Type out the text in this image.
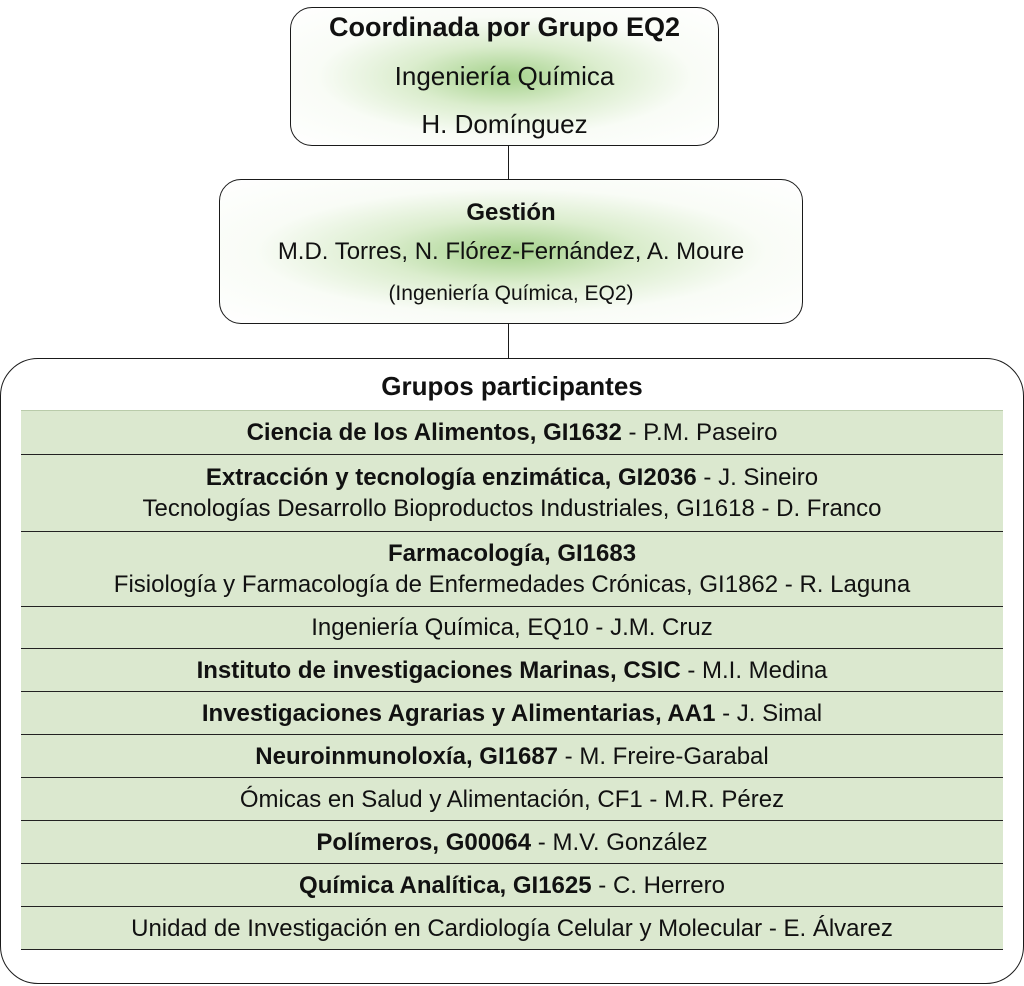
Coordinada por Grupo EQ2
Ingeniería Química
H. Domínguez
Gestión
M.D. Torres, N. Flórez-Fernández, A. Moure
(Ingeniería Química, EQ2)
Grupos participantes
Ciencia de los Alimentos, GI1632 - P.M. Paseiro
Extracción y tecnología enzimática, GI2036 - J. Sineiro
Tecnologías Desarrollo Bioproductos Industriales, GI1618 - D. Franco
Farmacología, GI1683
Fisiología y Farmacología de Enfermedades Crónicas, GI1862 - R. Laguna
Ingeniería Química, EQ10 - J.M. Cruz
Instituto de investigaciones Marinas, CSIC - M.I. Medina
Investigaciones Agrarias y Alimentarias, AA1 - J. Simal
Neuroinmunoloxía, GI1687 - M. Freire-Garabal
Ómicas en Salud y Alimentación, CF1 - M.R. Pérez
Polímeros, G00064 - M.V. González
Química Analítica, GI1625 - C. Herrero
Unidad de Investigación en Cardiología Celular y Molecular - E. Álvarez
